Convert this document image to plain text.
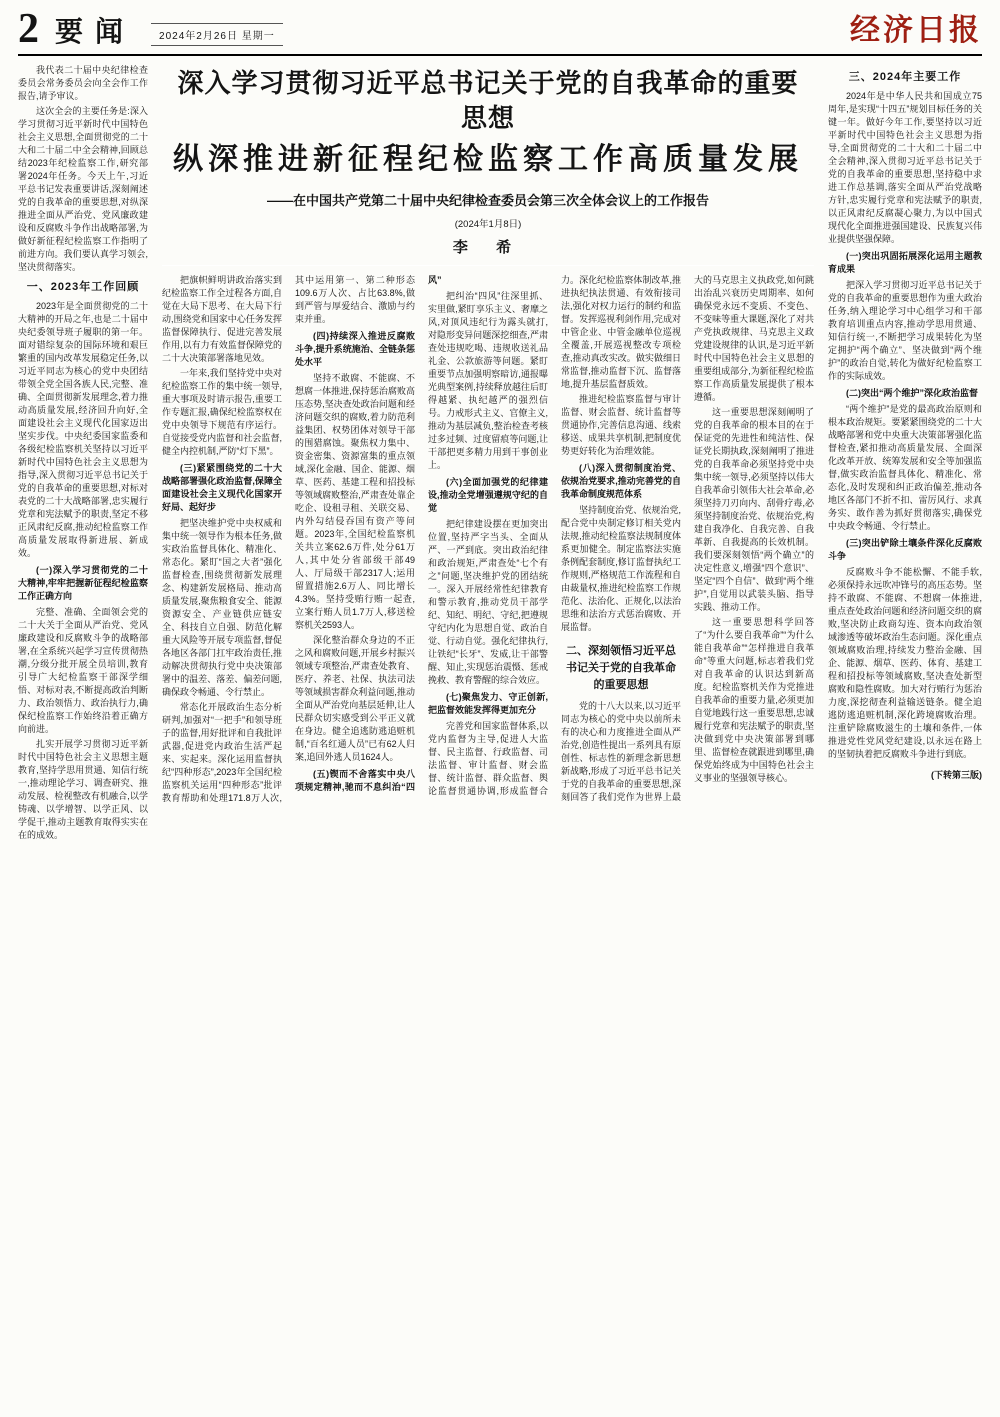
2 要闻	2024年2月26日 星期一	经济日报
我代表二十届中央纪律检查委员会常务委员会向全会作工作报告,请予审议。
这次全会的主要任务是:深入学习贯彻习近平新时代中国特色社会主义思想,全面贯彻党的二十大和二十届二中全会精神,回顾总结2023年纪检监察工作,研究部署2024年任务。今天上午,习近平总书记发表重要讲话,深刻阐述党的自我革命的重要思想,对纵深推进全面从严治党、党风廉政建设和反腐败斗争作出战略部署,为做好新征程纪检监察工作指明了前进方向。我们要认真学习领会,坚决贯彻落实。
一、2023年工作回顾
2023年是全面贯彻党的二十大精神的开局之年,也是二十届中央纪委领导班子履职的第一年。面对错综复杂的国际环境和艰巨繁重的国内改革发展稳定任务,以习近平同志为核心的党中央团结带领全党全国各族人民,完整、准确、全面贯彻新发展理念,着力推动高质量发展,经济回升向好,全面建设社会主义现代化国家迈出坚实步伐。中央纪委国家监委和各级纪检监察机关坚持以习近平新时代中国特色社会主义思想为指导,深入贯彻习近平总书记关于党的自我革命的重要思想,对标对表党的二十大战略部署,忠实履行党章和宪法赋予的职责,坚定不移正风肃纪反腐,推动纪检监察工作高质量发展取得新进展、新成效。
(一)深入学习贯彻党的二十大精神,牢牢把握新征程纪检监察工作正确方向
完整、准确、全面领会党的二十大关于全面从严治党、党风廉政建设和反腐败斗争的战略部署,在全系统兴起学习宣传贯彻热潮,分级分批开展全员培训,教育引导广大纪检监察干部深学细悟、对标对表,不断提高政治判断力、政治领悟力、政治执行力,确保纪检监察工作始终沿着正确方向前进。
扎实开展学习贯彻习近平新时代中国特色社会主义思想主题教育,坚持学思用贯通、知信行统一,推动理论学习、调查研究、推动发展、检视整改有机融合,以学铸魂、以学增智、以学正风、以学促干,推动主题教育取得实实在在的成效。
深入学习贯彻习近平总书记关于党的自我革命的重要思想
纵深推进新征程纪检监察工作高质量发展
——在中国共产党第二十届中央纪律检查委员会第三次全体会议上的工作报告
(2024年1月8日)
李 希
把旗帜鲜明讲政治落实到纪检监察工作全过程各方面,自觉在大局下思考、在大局下行动,围绕党和国家中心任务发挥监督保障执行、促进完善发展作用,以有力有效监督保障党的二十大决策部署落地见效。
一年来,我们坚持党中央对纪检监察工作的集中统一领导,重大事项及时请示报告,重要工作专题汇报,确保纪检监察权在党中央领导下规范有序运行。自觉接受党内监督和社会监督,健全内控机制,严防“灯下黑”。
(三)紧紧围绕党的二十大战略部署强化政治监督,保障全面建设社会主义现代化国家开好局、起好步
把坚决维护党中央权威和集中统一领导作为根本任务,做实政治监督具体化、精准化、常态化。紧盯“国之大者”强化监督检查,围绕贯彻新发展理念、构建新发展格局、推动高质量发展,聚焦粮食安全、能源资源安全、产业链供应链安全、科技自立自强、防范化解重大风险等开展专项监督,督促各地区各部门扛牢政治责任,推动解决贯彻执行党中央决策部署中的温差、落差、偏差问题,确保政令畅通、令行禁止。
常态化开展政治生态分析研判,加强对“一把手”和领导班子的监督,用好批评和自我批评武器,促进党内政治生活严起来、实起来。深化运用监督执纪“四种形态”,2023年全国纪检监察机关运用“四种形态”批评教育帮助和处理171.8万人次,其中运用第一、第二种形态109.6万人次、占比63.8%,做到严管与厚爱结合、激励与约束并重。
(四)持续深入推进反腐败斗争,提升系统施治、全链条惩处水平
坚持不敢腐、不能腐、不想腐一体推进,保持惩治腐败高压态势,坚决查处政治问题和经济问题交织的腐败,着力防范利益集团、权势团体对领导干部的围猎腐蚀。聚焦权力集中、资金密集、资源富集的重点领域,深化金融、国企、能源、烟草、医药、基建工程和招投标等领域腐败整治,严肃查处靠企吃企、设租寻租、关联交易、内外勾结侵吞国有资产等问题。2023年,全国纪检监察机关共立案62.6万件,处分61万人,其中处分省部级干部49人、厅局级干部2317人;运用留置措施2.6万人、同比增长4.3%。坚持受贿行贿一起查,立案行贿人员1.7万人,移送检察机关2593人。
深化整治群众身边的不正之风和腐败问题,开展乡村振兴领域专项整治,严肃查处教育、医疗、养老、社保、执法司法等领域损害群众利益问题,推动全面从严治党向基层延伸,让人民群众切实感受到公平正义就在身边。健全追逃防逃追赃机制,“百名红通人员”已有62人归案,追回外逃人员1624人。
(五)锲而不舍落实中央八项规定精神,驰而不息纠治“四风”
把纠治“四风”往深里抓、实里做,紧盯享乐主义、奢靡之风,对顶风违纪行为露头就打,对隐形变异问题深挖细查,严肃查处违规吃喝、违规收送礼品礼金、公款旅游等问题。紧盯重要节点加强明察暗访,通报曝光典型案例,持续释放越往后盯得越紧、执纪越严的强烈信号。力戒形式主义、官僚主义,推动为基层减负,整治检查考核过多过频、过度留痕等问题,让干部把更多精力用到干事创业上。
(六)全面加强党的纪律建设,推动全党增强遵规守纪的自觉
把纪律建设摆在更加突出位置,坚持严字当头、全面从严、一严到底。突出政治纪律和政治规矩,严肃查处“七个有之”问题,坚决维护党的团结统一。深入开展经常性纪律教育和警示教育,推动党员干部学纪、知纪、明纪、守纪,把遵规守纪内化为思想自觉、政治自觉、行动自觉。强化纪律执行,让铁纪“长牙”、发威,让干部警醒、知止,实现惩治震慑、惩戒挽救、教育警醒的综合效应。
(七)聚焦发力、守正创新,把监督效能发挥得更加充分
完善党和国家监督体系,以党内监督为主导,促进人大监督、民主监督、行政监督、司法监督、审计监督、财会监督、统计监督、群众监督、舆论监督贯通协调,形成监督合力。深化纪检监察体制改革,推进执纪执法贯通、有效衔接司法,强化对权力运行的制约和监督。发挥巡视利剑作用,完成对中管企业、中管金融单位巡视全覆盖,开展巡视整改专项检查,推动真改实改。做实做细日常监督,推动监督下沉、监督落地,提升基层监督质效。
推进纪检监察监督与审计监督、财会监督、统计监督等贯通协作,完善信息沟通、线索移送、成果共享机制,把制度优势更好转化为治理效能。
(八)深入贯彻制度治党、依规治党要求,推动完善党的自我革命制度规范体系
坚持制度治党、依规治党,配合党中央制定修订相关党内法规,推动纪检监察法规制度体系更加健全。制定监察法实施条例配套制度,修订监督执纪工作规则,严格规范工作流程和自由裁量权,推进纪检监察工作规范化、法治化、正规化,以法治思维和法治方式惩治腐败、开展监督。
二、深刻领悟习近平总书记关于党的自我革命的重要思想
党的十八大以来,以习近平同志为核心的党中央以前所未有的决心和力度推进全面从严治党,创造性提出一系列具有原创性、标志性的新理念新思想新战略,形成了习近平总书记关于党的自我革命的重要思想,深刻回答了我们党作为世界上最大的马克思主义执政党,如何跳出治乱兴衰历史周期率、如何确保党永远不变质、不变色、不变味等重大课题,深化了对共产党执政规律、马克思主义政党建设规律的认识,是习近平新时代中国特色社会主义思想的重要组成部分,为新征程纪检监察工作高质量发展提供了根本遵循。
这一重要思想深刻阐明了党的自我革命的根本目的在于保证党的先进性和纯洁性、保证党长期执政,深刻阐明了推进党的自我革命必须坚持党中央集中统一领导,必须坚持以伟大自我革命引领伟大社会革命,必须坚持刀刃向内、刮骨疗毒,必须坚持制度治党、依规治党,构建自我净化、自我完善、自我革新、自我提高的长效机制。我们要深刻领悟“两个确立”的决定性意义,增强“四个意识”、坚定“四个自信”、做到“两个维护”,自觉用以武装头脑、指导实践、推动工作。
这一重要思想科学回答了“为什么要自我革命”“为什么能自我革命”“怎样推进自我革命”等重大问题,标志着我们党对自我革命的认识达到新高度。纪检监察机关作为党推进自我革命的重要力量,必须更加自觉地践行这一重要思想,忠诚履行党章和宪法赋予的职责,坚决做到党中央决策部署到哪里、监督检查就跟进到哪里,确保党始终成为中国特色社会主义事业的坚强领导核心。
三、2024年主要工作
2024年是中华人民共和国成立75周年,是实现“十四五”规划目标任务的关键一年。做好今年工作,要坚持以习近平新时代中国特色社会主义思想为指导,全面贯彻党的二十大和二十届二中全会精神,深入贯彻习近平总书记关于党的自我革命的重要思想,坚持稳中求进工作总基调,落实全面从严治党战略方针,忠实履行党章和宪法赋予的职责,以正风肃纪反腐凝心聚力,为以中国式现代化全面推进强国建设、民族复兴伟业提供坚强保障。
(一)突出巩固拓展深化运用主题教育成果
把深入学习贯彻习近平总书记关于党的自我革命的重要思想作为重大政治任务,纳入理论学习中心组学习和干部教育培训重点内容,推动学思用贯通、知信行统一,不断把学习成果转化为坚定拥护“两个确立”、坚决做到“两个维护”的政治自觉,转化为做好纪检监察工作的实际成效。
(二)突出“两个维护”深化政治监督
“两个维护”是党的最高政治原则和根本政治规矩。要紧紧围绕党的二十大战略部署和党中央重大决策部署强化监督检查,紧扣推动高质量发展、全面深化改革开放、统筹发展和安全等加强监督,做实政治监督具体化、精准化、常态化,及时发现和纠正政治偏差,推动各地区各部门不折不扣、雷厉风行、求真务实、敢作善为抓好贯彻落实,确保党中央政令畅通、令行禁止。
(三)突出铲除土壤条件深化反腐败斗争
反腐败斗争不能松懈、不能手软,必须保持永远吹冲锋号的高压态势。坚持不敢腐、不能腐、不想腐一体推进,重点查处政治问题和经济问题交织的腐败,坚决防止政商勾连、资本向政治领域渗透等破坏政治生态问题。深化重点领域腐败治理,持续发力整治金融、国企、能源、烟草、医药、体育、基建工程和招投标等领域腐败,坚决查处新型腐败和隐性腐败。加大对行贿行为惩治力度,深挖彻查利益输送链条。健全追逃防逃追赃机制,深化跨境腐败治理。注重铲除腐败滋生的土壤和条件,一体推进党性党风党纪建设,以永远在路上的坚韧执着把反腐败斗争进行到底。
(下转第三版)
